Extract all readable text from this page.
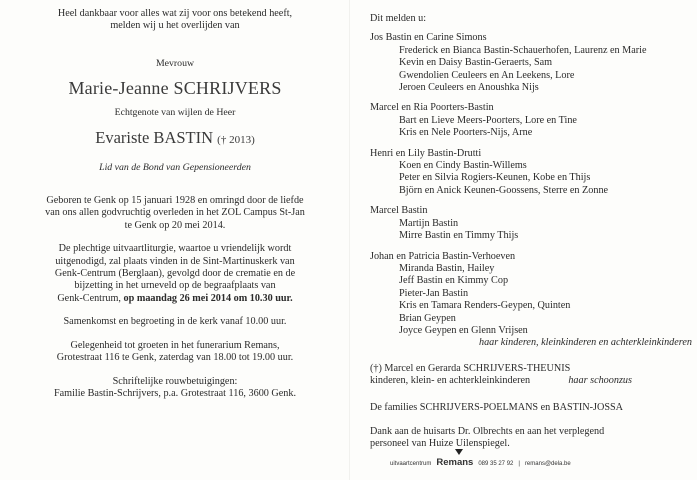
Heel dankbaar voor alles wat zij voor ons betekend heeft,
melden wij u het overlijden van
Mevrouw
Marie-Jeanne SCHRIJVERS
Echtgenote van wijlen de Heer
Evariste BASTIN († 2013)
Lid van de Bond van Gepensioneerden
Geboren te Genk op 15 januari 1928 en omringd door de liefde
van ons allen godvruchtig overleden in het ZOL Campus St-Jan
te Genk op 20 mei 2014.
De plechtige uitvaartliturgie, waartoe u vriendelijk wordt
uitgenodigd, zal plaats vinden in de Sint-Martinuskerk van
Genk-Centrum (Berglaan), gevolgd door de crematie en de
bijzetting in het urneveld op de begraafplaats van
Genk-Centrum, op maandag 26 mei 2014 om 10.30 uur.
Samenkomst en begroeting in de kerk vanaf 10.00 uur.
Gelegenheid tot groeten in het funerarium Remans,
Grotestraat 116 te Genk, zaterdag van 18.00 tot 19.00 uur.
Schriftelijke rouwbetuigingen:
Familie Bastin-Schrijvers, p.a. Grotestraat 116, 3600 Genk.
Dit melden u:
Jos Bastin en Carine Simons
Frederick en Bianca Bastin-Schauerhofen, Laurenz en Marie
Kevin en Daisy Bastin-Geraerts, Sam
Gwendolien Ceuleers en An Leekens, Lore
Jeroen Ceuleers en Anoushka Nijs
Marcel en Ria Poorters-Bastin
Bart en Lieve Meers-Poorters, Lore en Tine
Kris en Nele Poorters-Nijs, Arne
Henri en Lily Bastin-Drutti
Koen en Cindy Bastin-Willems
Peter en Silvia Rogiers-Keunen, Kobe en Thijs
Björn en Anick Keunen-Goossens, Sterre en Zonne
Marcel Bastin
Martijn Bastin
Mirre Bastin en Timmy Thijs
Johan en Patricia Bastin-Verhoeven
Miranda Bastin, Hailey
Jeff Bastin en Kimmy Cop
Pieter-Jan Bastin
Kris en Tamara Renders-Geypen, Quinten
Brian Geypen
Joyce Geypen en Glenn Vrijsen
haar kinderen, kleinkinderen en achterkleinkinderen
(†) Marcel en Gerarda SCHRIJVERS-THEUNIS
kinderen, klein- en achterkleinkinderen	haar schoonzus
De families SCHRIJVERS-POELMANS en BASTIN-JOSSA
Dank aan de huisarts Dr. Olbrechts en aan het verplegend
personeel van Huize Uilenspiegel.
uitvaartcentrum Remans 089 35 27 92 | remans@dela.be
